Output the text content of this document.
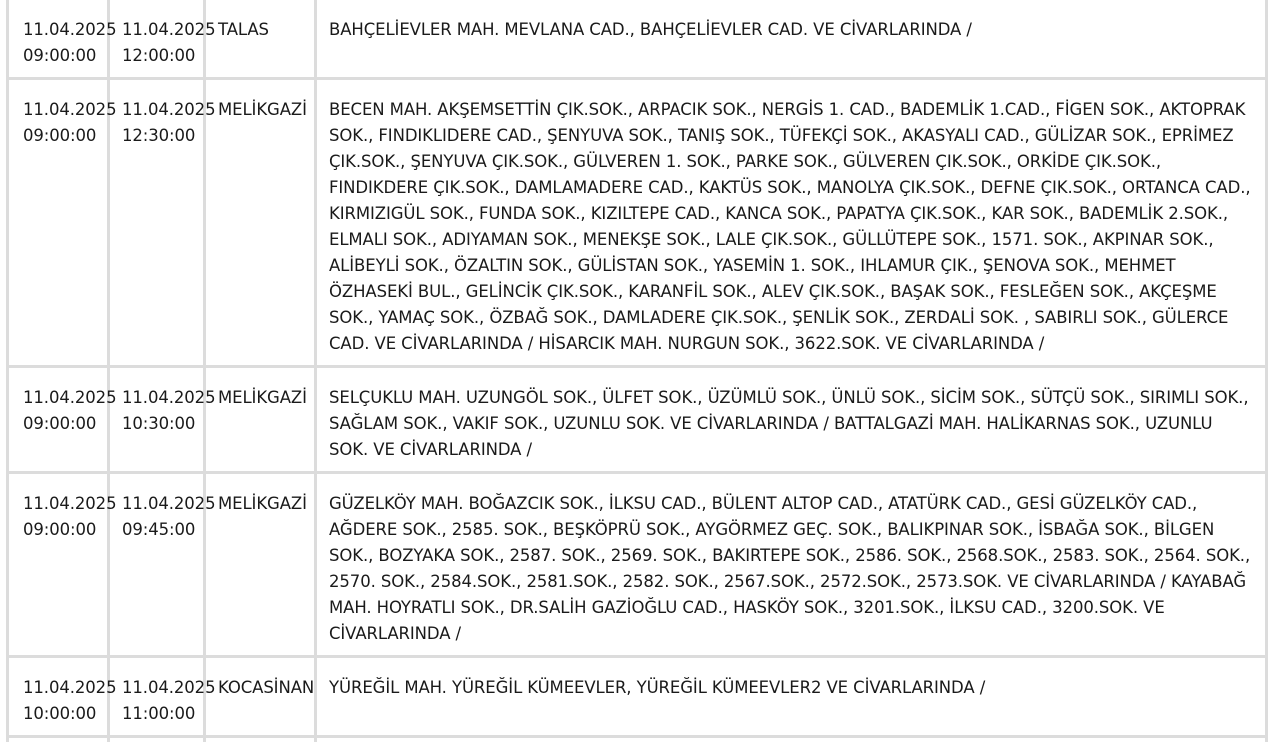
11.04.2025
09:00:00	11.04.2025
12:00:00	TALAS	BAHÇELİEVLER MAH. MEVLANA CAD., BAHÇELİEVLER CAD. VE CİVARLARINDA /

11.04.2025
09:00:00	11.04.2025
12:30:00	MELİKGAZİ	BECEN MAH. AKŞEMSETTİN ÇIK.SOK., ARPACIK SOK., NERGİS 1. CAD., BADEMLİK 1.CAD., FİGEN SOK., AKTOPRAK SOK., FINDIKLIDERE CAD., ŞENYUVA SOK., TANIŞ SOK., TÜFEKÇİ SOK., AKASYALI CAD., GÜLİZAR SOK., EPRİMEZ ÇIK.SOK., ŞENYUVA ÇIK.SOK., GÜLVEREN 1. SOK., PARKE SOK., GÜLVEREN ÇIK.SOK., ORKİDE ÇIK.SOK., FINDIKDERE ÇIK.SOK., DAMLAMADERE CAD., KAKTÜS SOK., MANOLYA ÇIK.SOK., DEFNE ÇIK.SOK., ORTANCA CAD., KIRMIZIGÜL SOK., FUNDA SOK., KIZILTEPE CAD., KANCA SOK., PAPATYA ÇIK.SOK., KAR SOK., BADEMLİK 2.SOK., ELMALI SOK., ADIYAMAN SOK., MENEKŞE SOK., LALE ÇIK.SOK., GÜLLÜTEPE SOK., 1571. SOK., AKPINAR SOK., ALİBEYLİ SOK., ÖZALTIN SOK., GÜLİSTAN SOK., YASEMİN 1. SOK., IHLAMUR ÇIK., ŞENOVA SOK., MEHMET ÖZHASEKİ BUL., GELİNCİK ÇIK.SOK., KARANFİL SOK., ALEV ÇIK.SOK., BAŞAK SOK., FESLEĞEN SOK., AKÇEŞME SOK., YAMAÇ SOK., ÖZBAĞ SOK., DAMLADERE ÇIK.SOK., ŞENLİK SOK., ZERDALİ SOK. , SABIRLI SOK., GÜLERCE CAD. VE CİVARLARINDA / HİSARCIK MAH. NURGUN SOK., 3622.SOK. VE CİVARLARINDA /

11.04.2025
09:00:00	11.04.2025
10:30:00	MELİKGAZİ	SELÇUKLU MAH. UZUNGÖL SOK., ÜLFET SOK., ÜZÜMLÜ SOK., ÜNLÜ SOK., SİCİM SOK., SÜTÇÜ SOK., SIRIMLI SOK., SAĞLAM SOK., VAKIF SOK., UZUNLU SOK. VE CİVARLARINDA / BATTALGAZİ MAH. HALİKARNAS SOK., UZUNLU SOK. VE CİVARLARINDA /

11.04.2025
09:00:00	11.04.2025
09:45:00	MELİKGAZİ	GÜZELKÖY MAH. BOĞAZCIK SOK., İLKSU CAD., BÜLENT ALTOP CAD., ATATÜRK CAD., GESİ GÜZELKÖY CAD., AĞDERE SOK., 2585. SOK., BEŞKÖPRÜ SOK., AYGÖRMEZ GEÇ. SOK., BALIKPINAR SOK., İSBAĞA SOK., BİLGEN SOK., BOZYAKA SOK., 2587. SOK., 2569. SOK., BAKIRTEPE SOK., 2586. SOK., 2568.SOK., 2583. SOK., 2564. SOK., 2570. SOK., 2584.SOK., 2581.SOK., 2582. SOK., 2567.SOK., 2572.SOK., 2573.SOK. VE CİVARLARINDA / KAYABAĞ MAH. HOYRATLI SOK., DR.SALİH GAZİOĞLU CAD., HASKÖY SOK., 3201.SOK., İLKSU CAD., 3200.SOK. VE CİVARLARINDA /

11.04.2025
10:00:00	11.04.2025
11:00:00	KOCASİNAN	YÜREĞİL MAH. YÜREĞİL KÜMEEVLER, YÜREĞİL KÜMEEVLER2 VE CİVARLARINDA /
